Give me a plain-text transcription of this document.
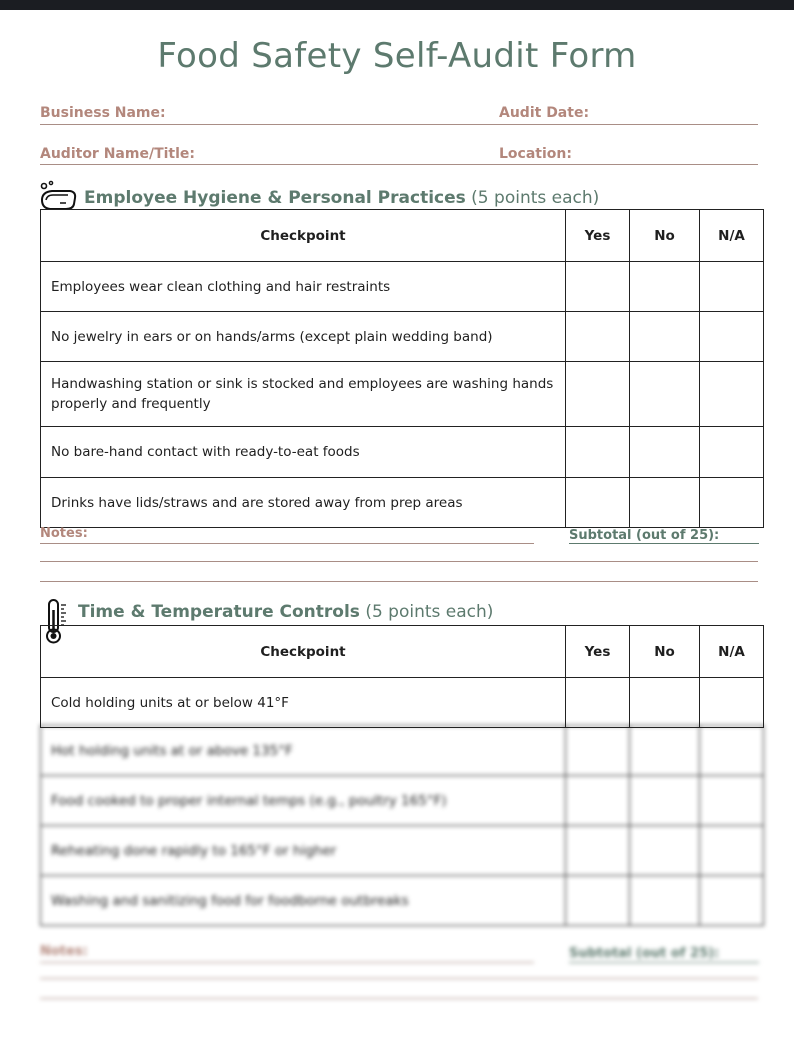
Food Safety Self-Audit Form
Business Name:	Audit Date:
Auditor Name/Title:	Location:
Employee Hygiene & Personal Practices (5 points each)
Checkpoint	Yes	No	N/A
Employees wear clean clothing and hair restraints			
No jewelry in ears or on hands/arms (except plain wedding band)			
Handwashing station or sink is stocked and employees are washing hands properly and frequently			
No bare-hand contact with ready-to-eat foods			
Drinks have lids/straws and are stored away from prep areas			
Notes:	Subtotal (out of 25):
Time & Temperature Controls (5 points each)
Checkpoint	Yes	No	N/A
Cold holding units at or below 41°F			
Hot holding units at or above 135°F			
Food cooked to proper internal temps (e.g., poultry 165°F)			
Reheating done rapidly to 165°F or higher			
Washing and sanitizing food for foodborne outbreaks			
Notes:	Subtotal (out of 25):
